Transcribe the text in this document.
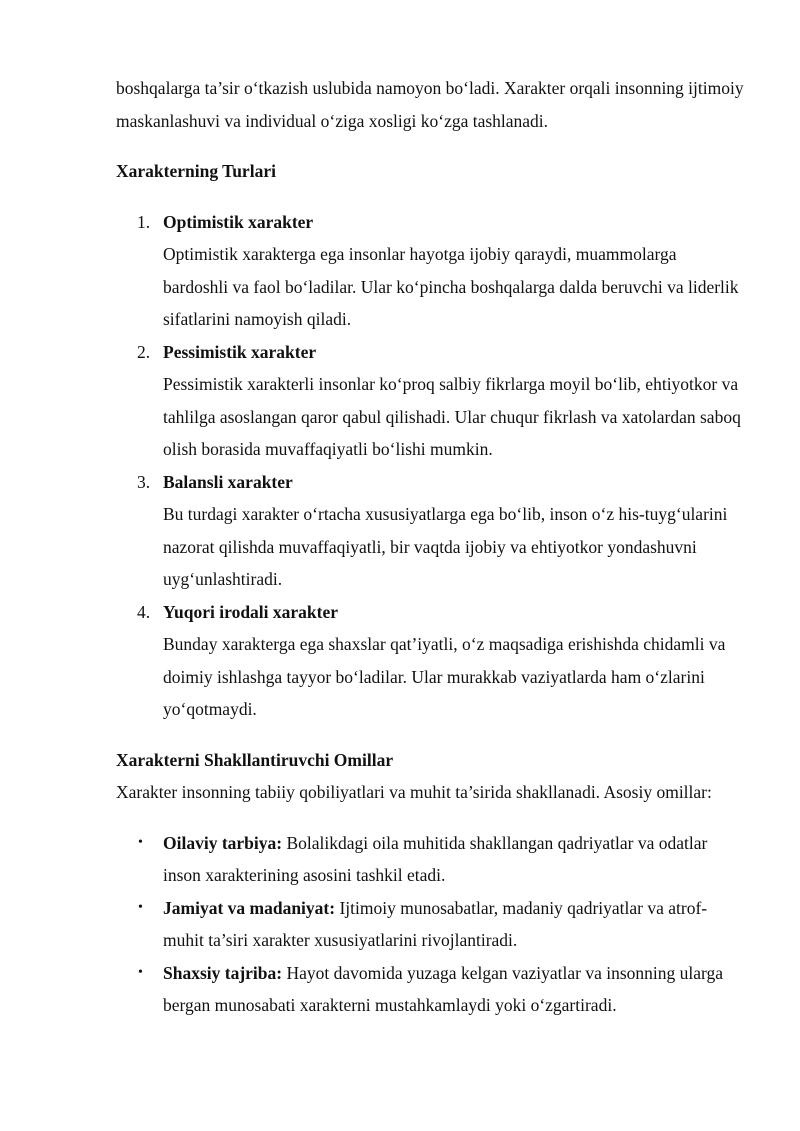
boshqalarga ta’sir o‘tkazish uslubida namoyon bo‘ladi. Xarakter orqali insonning ijtimoiy maskanlashuvi va individual o‘ziga xosligi ko‘zga tashlanadi.

Xarakterning Turlari

1. Optimistik xarakter
Optimistik xarakterga ega insonlar hayotga ijobiy qaraydi, muammolarga bardoshli va faol bo‘ladilar. Ular ko‘pincha boshqalarga dalda beruvchi va liderlik sifatlarini namoyish qiladi.
2. Pessimistik xarakter
Pessimistik xarakterli insonlar ko‘proq salbiy fikrlarga moyil bo‘lib, ehtiyotkor va tahlilga asoslangan qaror qabul qilishadi. Ular chuqur fikrlash va xatolardan saboq olish borasida muvaffaqiyatli bo‘lishi mumkin.
3. Balansli xarakter
Bu turdagi xarakter o‘rtacha xususiyatlarga ega bo‘lib, inson o‘z his-tuyg‘ularini nazorat qilishda muvaffaqiyatli, bir vaqtda ijobiy va ehtiyotkor yondashuvni uyg‘unlashtiradi.
4. Yuqori irodali xarakter
Bunday xarakterga ega shaxslar qat’iyatli, o‘z maqsadiga erishishda chidamli va doimiy ishlashga tayyor bo‘ladilar. Ular murakkab vaziyatlarda ham o‘zlarini yo‘qotmaydi.

Xarakterni Shakllantiruvchi Omillar

Xarakter insonning tabiiy qobiliyatlari va muhit ta’sirida shakllanadi. Asosiy omillar:

• Oilaviy tarbiya: Bolalikdagi oila muhitida shakllangan qadriyatlar va odatlar inson xarakterining asosini tashkil etadi.
• Jamiyat va madaniyat: Ijtimoiy munosabatlar, madaniy qadriyatlar va atrof-muhit ta’siri xarakter xususiyatlarini rivojlantiradi.
• Shaxsiy tajriba: Hayot davomida yuzaga kelgan vaziyatlar va insonning ularga bergan munosabati xarakterni mustahkamlaydi yoki o‘zgartiradi.
